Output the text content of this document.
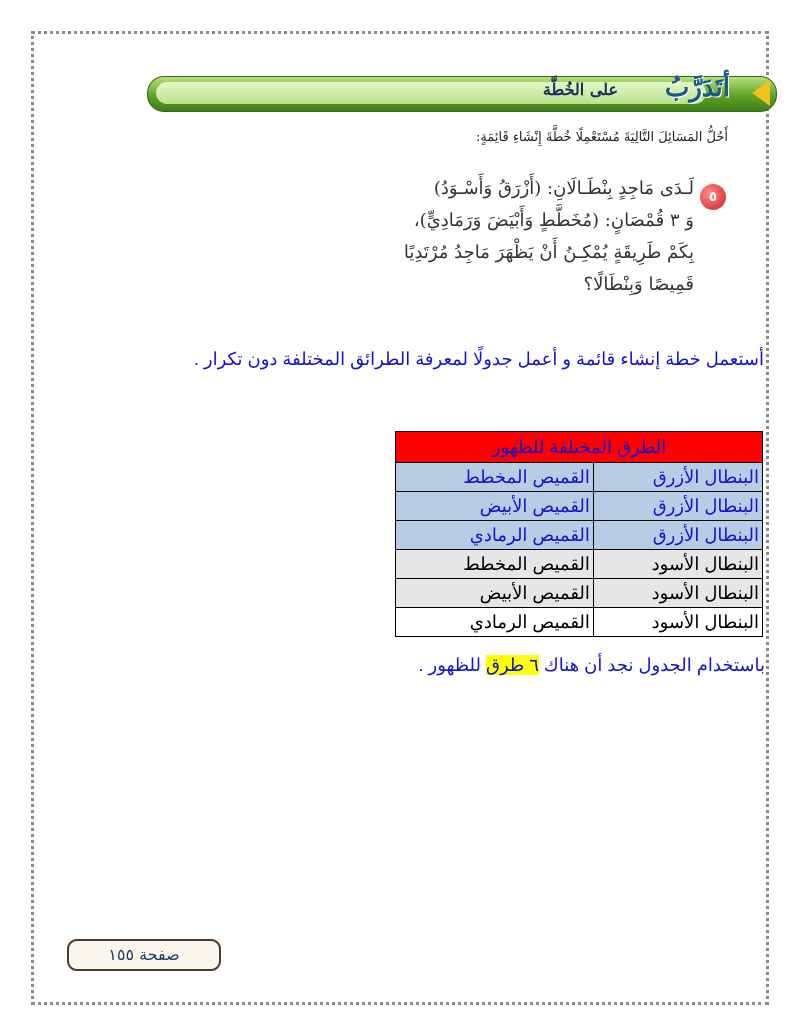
أتَدَرَّبُ
على الخُطَّة
أَحُلُّ المَسَائِلَ التَّالِيَةَ مُسْتَعْمِلًا خُطَّةَ إِنْشَاءِ قَائِمَةٍ:
٥
لَـدَى مَاجِدٍ بِنْطَـالَانِ: (أَزْرَقُ وَأَسْـوَدُ)
وَ ٣ قُمْصَانٍ: (مُخَطَّطٍ وَأَبْيَضَ وَرَمَادِيٍّ)،
بِكَمْ طَرِيقَةٍ يُمْكِـنُ أَنْ يَظْهَرَ مَاجِدُ مُرْتَدِيًا
قَمِيصًا وَبِنْطَالًا؟
أستعمل خطة إنشاء قائمة و أعمل جدولًا لمعرفة الطرائق المختلفة دون تكرار .
الطرق المختلفة للظهور	
البنطال الأزرق	القميص المخطط
البنطال الأزرق	القميص الأبيض
البنطال الأزرق	القميص الرمادي
البنطال الأسود	القميص المخطط
البنطال الأسود	القميص الأبيض
البنطال الأسود	القميص الرمادي
باستخدام الجدول نجد أن هناك ٦ طرق للظهور .
صفحة ١٥٥
